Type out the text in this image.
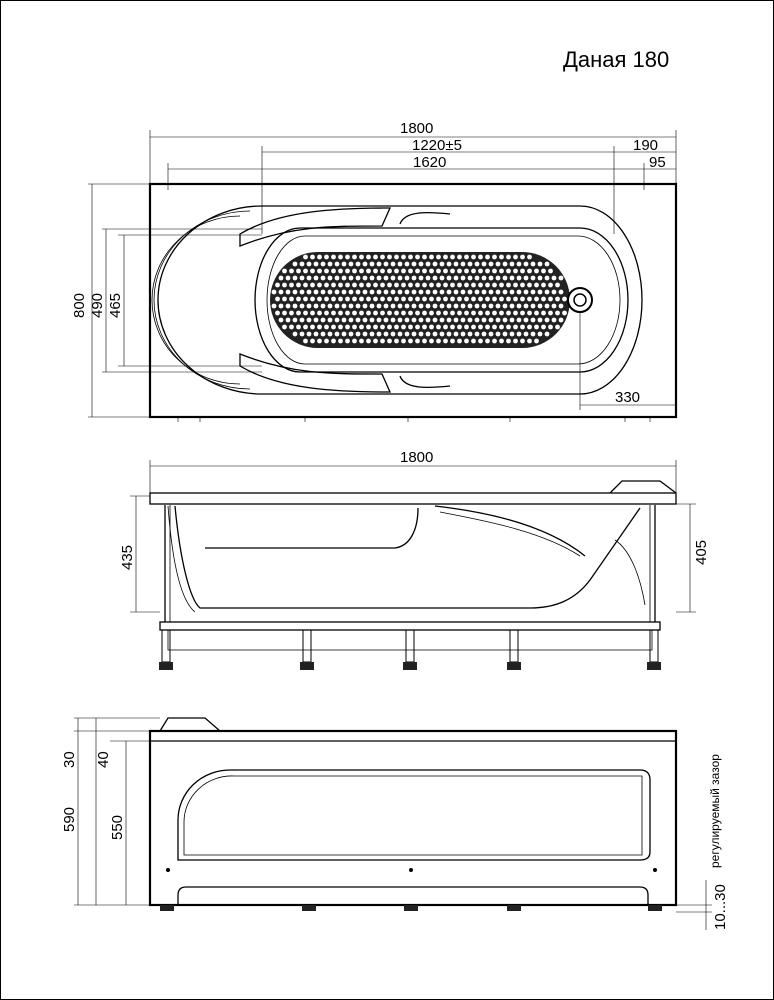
Даная 180
1800
1220±5	190
1620	95
330
800 490 465
1800
435	405
30 40
590 550	регулируемый зазор
10...30
